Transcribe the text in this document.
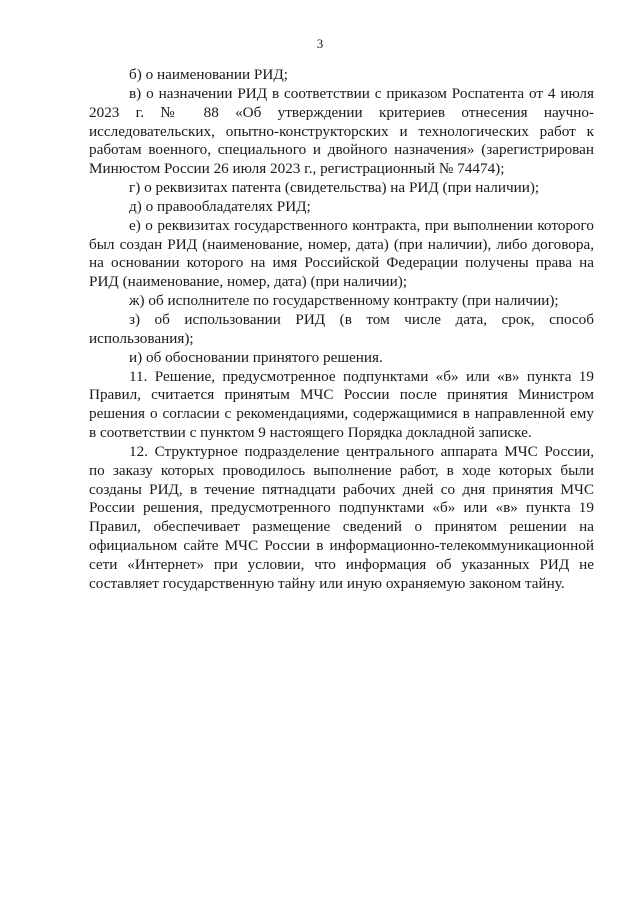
3

б) о наименовании РИД;

в) о назначении РИД в соответствии с приказом Роспатента от 4 июля 2023 г. № 88 «Об утверждении критериев отнесения научно-исследовательских, опытно-конструкторских и технологических работ к работам военного, специального и двойного назначения» (зарегистрирован Минюстом России 26 июля 2023 г., регистрационный № 74474);

г) о реквизитах патента (свидетельства) на РИД (при наличии);

д) о правообладателях РИД;

е) о реквизитах государственного контракта, при выполнении которого был создан РИД (наименование, номер, дата) (при наличии), либо договора, на основании которого на имя Российской Федерации получены права на РИД (наименование, номер, дата) (при наличии);

ж) об исполнителе по государственному контракту (при наличии);

з) об использовании РИД (в том числе дата, срок, способ использования);

и) об обосновании принятого решения.

11. Решение, предусмотренное подпунктами «б» или «в» пункта 19 Правил, считается принятым МЧС России после принятия Министром решения о согласии с рекомендациями, содержащимися в направленной ему в соответствии с пунктом 9 настоящего Порядка докладной записке.

12. Структурное подразделение центрального аппарата МЧС России, по заказу которых проводилось выполнение работ, в ходе которых были созданы РИД, в течение пятнадцати рабочих дней со дня принятия МЧС России решения, предусмотренного подпунктами «б» или «в» пункта 19 Правил, обеспечивает размещение сведений о принятом решении на официальном сайте МЧС России в информационно-телекоммуникационной сети «Интернет» при условии, что информация об указанных РИД не составляет государственную тайну или иную охраняемую законом тайну.
